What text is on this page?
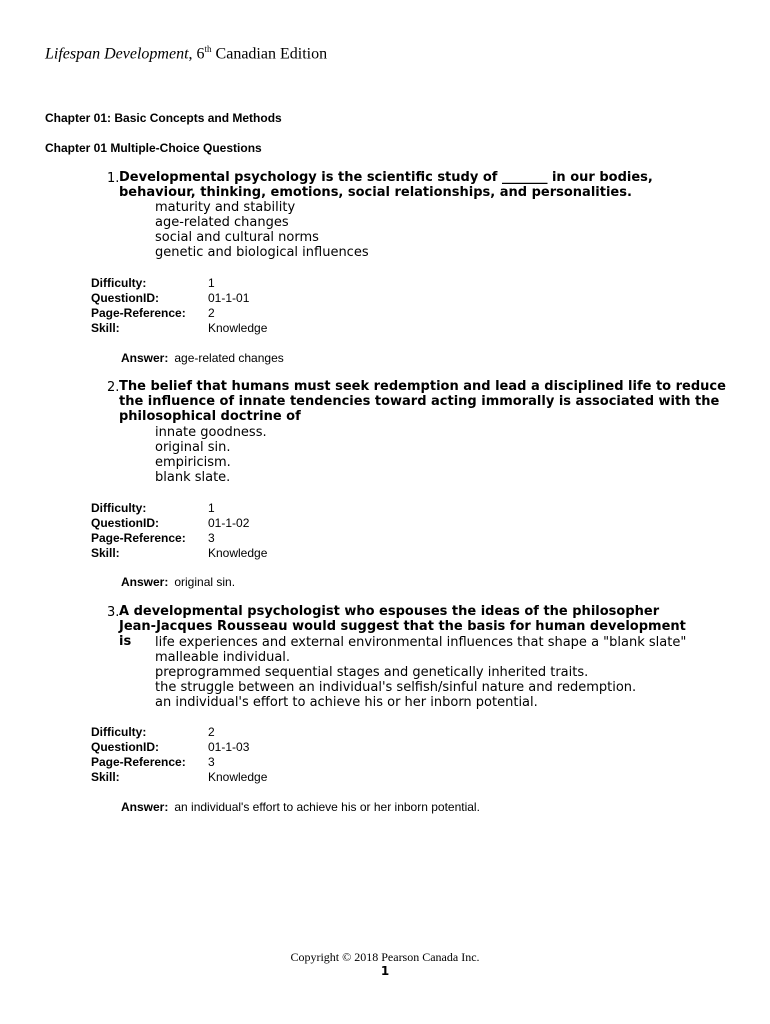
Lifespan Development, 6th Canadian Edition
Chapter 01: Basic Concepts and Methods
Chapter 01 Multiple-Choice Questions
1. Developmental psychology is the scientific study of _______ in our bodies, behaviour, thinking, emotions, social relationships, and personalities.
maturity and stability
age-related changes
social and cultural norms
genetic and biological influences
Difficulty:	1
QuestionID:	01-1-01
Page-Reference:	2
Skill:	Knowledge
Answer: age-related changes
2. The belief that humans must seek redemption and lead a disciplined life to reduce the influence of innate tendencies toward acting immorally is associated with the philosophical doctrine of
innate goodness.
original sin.
empiricism.
blank slate.
Difficulty:	1
QuestionID:	01-1-02
Page-Reference:	3
Skill:	Knowledge
Answer: original sin.
3. A developmental psychologist who espouses the ideas of the philosopher Jean-Jacques Rousseau would suggest that the basis for human development is	life experiences and external environmental influences that shape a "blank slate"
malleable individual.
preprogrammed sequential stages and genetically inherited traits.
the struggle between an individual's selfish/sinful nature and redemption.
an individual's effort to achieve his or her inborn potential.
Difficulty:	2
QuestionID:	01-1-03
Page-Reference:	3
Skill:	Knowledge
Answer: an individual's effort to achieve his or her inborn potential.
Copyright © 2018 Pearson Canada Inc.
1
